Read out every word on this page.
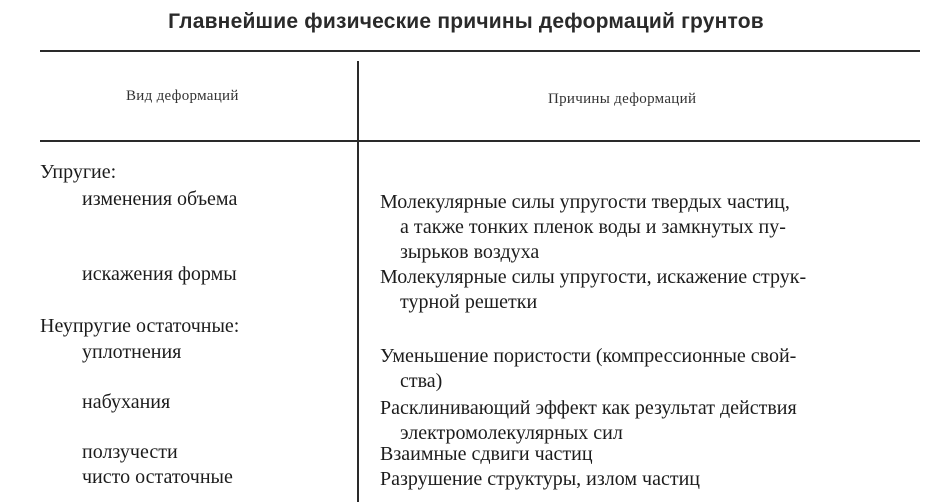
Главнейшие физические причины деформаций грунтов
Вид деформаций	Причины деформаций
Упругие:
изменения объема	Молекулярные силы упругости твердых частиц,
а также тонких пленок воды и замкнутых пу-
зырьков воздуха
искажения формы	Молекулярные силы упругости, искажение струк-
турной решетки
Неупругие остаточные:
уплотнения	Уменьшение пористости (компрессионные свой-
ства)
набухания	Расклинивающий эффект как результат действия
электромолекулярных сил
ползучести	Взаимные сдвиги частиц
чисто остаточные	Разрушение структуры, излом частиц
